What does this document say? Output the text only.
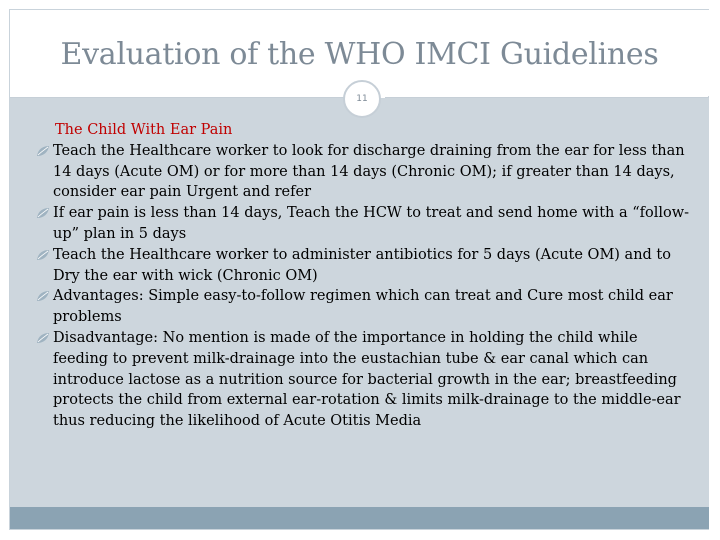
Evaluation of the WHO IMCI Guidelines
11
The Child With Ear Pain
Teach the Healthcare worker to look for discharge draining from the ear for less than 14 days (Acute OM) or for more than 14 days (Chronic OM); if greater than 14 days, consider ear pain Urgent and refer
If ear pain is less than 14 days, Teach the HCW to treat and send home with a “follow-up” plan in 5 days
Teach the Healthcare worker to administer antibiotics for 5 days (Acute OM) and to Dry the ear with wick (Chronic OM)
Advantages: Simple easy-to-follow regimen which can treat and Cure most child ear problems
Disadvantage: No mention is made of the importance in holding the child while feeding to prevent milk-drainage into the eustachian tube & ear canal which can introduce lactose as a nutrition source for bacterial growth in the ear; breastfeeding protects the child from external ear-rotation & limits milk-drainage to the middle-ear thus reducing the likelihood of Acute Otitis Media
